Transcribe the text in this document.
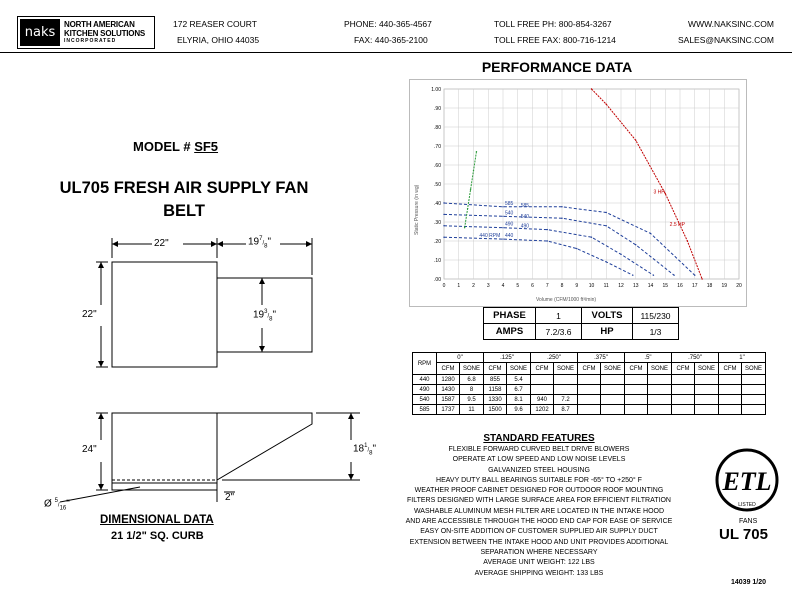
naks
NORTH AMERICAN
KITCHEN SOLUTIONS
INCORPORATED
172 REASER COURT
ELYRIA, OHIO 44035
PHONE: 440-365-4567
FAX: 440-365-2100
TOLL FREE PH: 800-854-3267
TOLL FREE FAX: 800-716-1214
WWW.NAKSINC.COM
SALES@NAKSINC.COM
MODEL # SF5
UL705 FRESH AIR SUPPLY FAN
BELT
22"	$19^7/_8$"
22"	$19^3/_8$"
24"	$18^1/_8$"
2"
Ø $^5/_{16}$"
DIMENSIONAL DATA
21 1/2" SQ. CURB
PERFORMANCE DATA
0 1 2 3 4 5 6 7 8 9 10 11 12 13 14 15 16 17 18 19 20
1.00
.90
.80
.70
.60
.50
.40
.30
.20
.10
.00
585
540
490
440
585
540
490
440 RPM
3 HP
2.5 HP
Static Pressure (in wg)
Volume (CFM/1000 ft³/min)
PHASE	1	VOLTS	115/230
AMPS	7.2/3.6	HP	1/3
RPM	0"		.125"		.250"		.375"		.5"		.750"		1"	
	CFM	SONE	CFM	SONE	CFM	SONE	CFM	SONE	CFM	SONE	CFM	SONE	CFM	SONE
440	1280	6.8	855	5.4										
490	1430	8	1158	6.7										
540	1587	9.5	1330	8.1	940	7.2								
585	1737	11	1500	9.6	1202	8.7								
STANDARD FEATURES
FLEXIBLE FORWARD CURVED BELT DRIVE BLOWERS
OPERATE AT LOW SPEED AND LOW NOISE LEVELS
GALVANIZED STEEL HOUSING
HEAVY DUTY BALL BEARINGS SUITABLE FOR -65° TO +250° F
WEATHER PROOF CABINET DESIGNED FOR OUTDOOR ROOF MOUNTING
FILTERS DESIGNED WITH LARGE SURFACE AREA FOR EFFICIENT FILTRATION
WASHABLE ALUMINUM MESH FILTER ARE LOCATED IN THE INTAKE HOOD
AND ARE ACCESSIBLE THROUGH THE HOOD END CAP FOR EASE OF SERVICE
EASY ON-SITE ADDITION OF CUSTOMER SUPPLIED AIR SUPPLY DUCT
EXTENSION BETWEEN THE INTAKE HOOD AND UNIT PROVIDES ADDITIONAL
SEPARATION WHERE NECESSARY
AVERAGE UNIT WEIGHT: 122 LBS
AVERAGE SHIPPING WEIGHT: 133 LBS
ETL
LISTED
FANS
UL 705
14039 1/20
